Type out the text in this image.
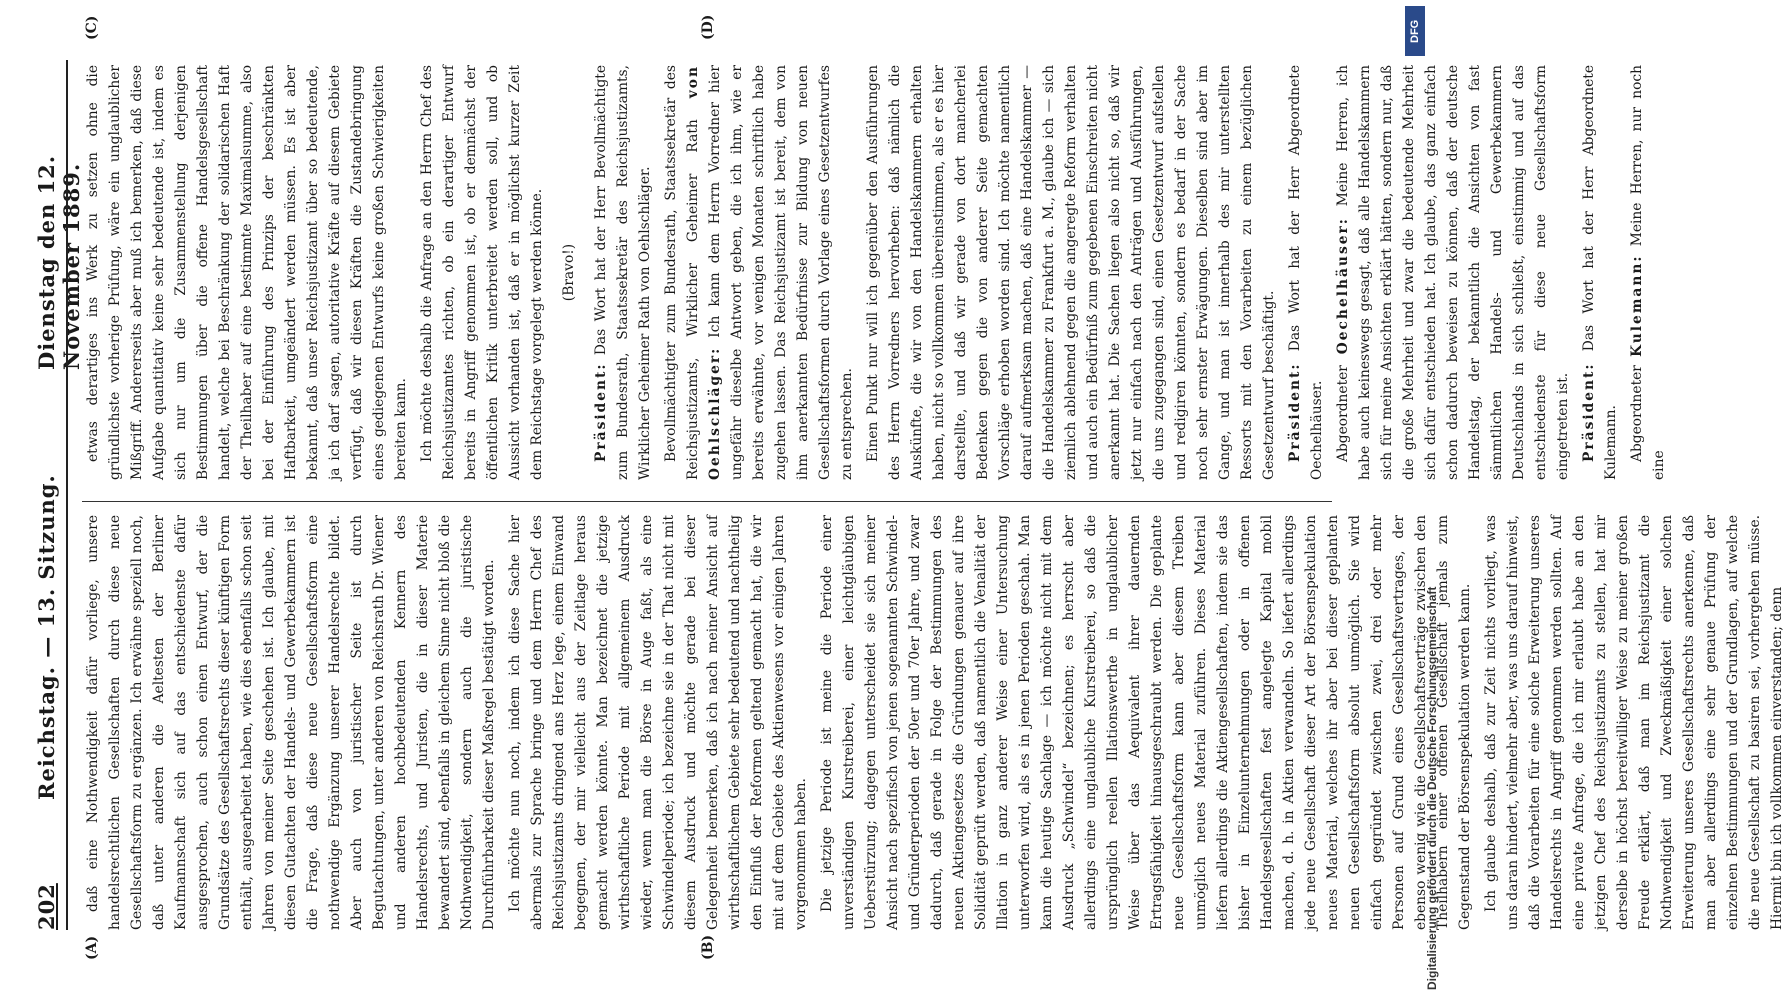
202
Reichstag. — 13. Sitzung.
Dienstag den 12. November 1889.
(A)	(B)
(C)	(D)

daß eine Nothwendigkeit dafür vorliege, unsere handelsrechtlichen Gesellschaften durch diese neue Gesellschaftsform zu ergänzen. Ich erwähne speziell noch, daß unter anderen die Aeltesten der Berliner Kaufmannschaft sich auf das entschiedenste dafür ausgesprochen, auch schon einen Entwurf, der die Grundsätze des Gesellschaftsrechts dieser künftigen Form enthält, ausgearbeitet haben, wie dies ebenfalls schon seit Jahren von meiner Seite geschehen ist. Ich glaube, mit diesen Gutachten der Handels- und Gewerbekammern ist die Frage, daß diese neue Gesellschaftsform eine nothwendige Ergänzung unserer Handelsrechte bildet. Aber auch von juristischer Seite ist durch Begutachtungen, unter anderen von Reichsrath Dr. Wiener und anderen hochbedeutenden Kennern des Handelsrechts, und Juristen, die in dieser Materie bewandert sind, ebenfalls in gleichem Sinne nicht bloß die Nothwendigkeit, sondern auch die juristische Durchführbarkeit dieser Maßregel bestätigt worden. Ich möchte nun noch, indem ich diese Sache hier abermals zur Sprache bringe und dem Herrn Chef des Reichsjustizamts dringend ans Herz lege, einem Einwand begegnen, der mir vielleicht aus der Zeitlage heraus gemacht werden könnte. Man bezeichnet die jetzige wirthschaftliche Periode mit allgemeinem Ausdruck wieder, wenn man die Börse in Auge faßt, als eine Schwindelperiode; ich bezeichne sie in der That nicht mit diesem Ausdruck und möchte gerade bei dieser Gelegenheit bemerken, daß ich nach meiner Ansicht auf wirthschaftlichem Gebiete sehr bedeutend und nachtheilig den Einfluß der Reformen geltend gemacht hat, die wir mit auf dem Gebiete des Aktienwesens vor einigen Jahren vorgenommen haben. Die jetzige Periode ist meine die Periode einer unverständigen Kurstreiberei, einer leichtgläubigen Ueberstürzung; dagegen unterscheidet sie sich meiner Ansicht nach spezifisch von jenen sogenannten Schwindel- und Gründerperioden der 50er und 70er Jahre, und zwar dadurch, daß gerade in Folge der Bestimmungen des neuen Aktiengesetzes die Gründungen genauer auf ihre Solidität geprüft werden, daß namentlich die Venalität der Illation in ganz anderer Weise einer Untersuchung unterworfen wird, als es in jenen Perioden geschah. Man kann die heutige Sachlage — ich möchte nicht mit dem Ausdruck „Schwindel“ bezeichnen; es herrscht aber allerdings eine unglaubliche Kurstreiberei, so daß die ursprünglich reellen Illationswerthe in unglaublicher Weise über das Aequivalent ihrer dauernden Ertragsfähigkeit hinausgeschraubt werden. Die geplante neue Gesellschaftsform kann aber diesem Treiben unmöglich neues Material zuführen. Dieses Material liefern allerdings die Aktiengesellschaften, indem sie das bisher in Einzelunternehmungen oder in offenen Handelsgesellschaften fest angelegte Kapital mobil machen, d. h. in Aktien verwandeln. So liefert allerdings jede neue Gesellschaft dieser Art der Börsenspekulation neues Material, welches ihr aber bei dieser geplanten neuen Gesellschaftsform absolut unmöglich. Sie wird einfach gegründet zwischen zwei, drei oder mehr Personen auf Grund eines Gesellschaftsvertrages, der ebenso wenig wie die Gesellschaftsverträge zwischen den Theilhabern einer offenen Gesellschaft jemals zum Gegenstand der Börsenspekulation werden kann. Ich glaube deshalb, daß zur Zeit nichts vorliegt, was uns daran hindert, vielmehr aber, was uns darauf hinweist, daß die Vorarbeiten für eine solche Erweiterung unseres Handelsrechts in Angriff genommen werden sollten. Auf eine private Anfrage, die ich mir erlaubt habe an den jetzigen Chef des Reichsjustizamts zu stellen, hat mir derselbe in höchst bereitwilliger Weise zu meiner großen Freude erklärt, daß man im Reichsjustizamt die Nothwendigkeit und Zweckmäßigkeit einer solchen Erweiterung unseres Gesellschaftsrechts anerkenne, daß man aber allerdings eine sehr genaue Prüfung der einzelnen Bestimmungen und der Grundlagen, auf welche die neue Gesellschaft zu basiren sei, vorhergehen müsse. Hiermit bin ich vollkommen einverstanden; denn

etwas derartiges ins Werk zu setzen ohne die gründlichste vorherige Prüfung, wäre ein unglaublicher Mißgriff. Andererseits aber muß ich bemerken, daß diese Aufgabe quantitativ keine sehr bedeutende ist, indem es sich nur um die Zusammenstellung derjenigen Bestimmungen über die offene Handelsgesellschaft handelt, welche bei Beschränkung der solidarischen Haft der Theilhaber auf eine bestimmte Maximalsumme, also bei der Einführung des Prinzips der beschränkten Haftbarkeit, umgeändert werden müssen. Es ist aber bekannt, daß unser Reichsjustizamt über so bedeutende, ja ich darf sagen, autoritative Kräfte auf diesem Gebiete verfügt, daß wir diesen Kräften die Zustandebringung eines gediegenen Entwurfs keine großen Schwierigkeiten bereiten kann. Ich möchte deshalb die Anfrage an den Herrn Chef des Reichsjustizamtes richten, ob ein derartiger Entwurf bereits in Angriff genommen ist, ob er demnächst der öffentlichen Kritik unterbreitet werden soll, und ob Aussicht vorhanden ist, daß er in möglichst kurzer Zeit dem Reichstage vorgelegt werden könne. (Bravo!)

Präsident: Das Wort hat der Herr Bevollmächtigte zum Bundesrath, Staatssekretär des Reichsjustizamts, Wirklicher Geheimer Rath von Oehlschläger. Bevollmächtigter zum Bundesrath, Staatssekretär des Reichsjustizamts, Wirklicher Geheimer Rath von Oehlschläger: Ich kann dem Herrn Vorredner hier ungefähr dieselbe Antwort geben, die ich ihm, wie er bereits erwähnte, vor wenigen Monaten schriftlich habe zugehen lassen. Das Reichsjustizamt ist bereit, dem von ihm anerkannten Bedürfnisse zur Bildung von neuen Gesellschaftsformen durch Vorlage eines Gesetzentwurfes zu entsprechen. Einen Punkt nur will ich gegenüber den Ausführungen des Herrn Vorredners hervorheben: daß nämlich die Auskünfte, die wir von den Handelskammern erhalten haben, nicht so vollkommen übereinstimmen, als er es hier darstellte, und daß wir gerade von dort mancherlei Bedenken gegen die von anderer Seite gemachten Vorschläge erhoben worden sind. Ich möchte namentlich darauf aufmerksam machen, daß eine Handelskammer — die Handelskammer zu Frankfurt a. M., glaube ich — sich ziemlich ablehnend gegen die angeregte Reform verhalten und auch ein Bedürfniß zum gegebenen Einschreiten nicht anerkannt hat. Die Sachen liegen also nicht so, daß wir jetzt nur einfach nach den Anträgen und Ausführungen, die uns zugegangen sind, einen Gesetzentwurf aufstellen und redigiren könnten, sondern es bedarf in der Sache noch sehr ernster Erwägungen. Dieselben sind aber im Gange, und man ist innerhalb des mir unterstellten Ressorts mit den Vorarbeiten zu einem bezüglichen Gesetzentwurf beschäftigt. Präsident: Das Wort hat der Herr Abgeordnete Oechelhäuser. Abgeordneter Oechelhäuser: Meine Herren, ich habe auch keineswegs gesagt, daß alle Handelskammern sich für meine Ansichten erklärt hätten, sondern nur, daß die große Mehrheit und zwar die bedeutende Mehrheit sich dafür entschieden hat. Ich glaube, das ganz einfach schon dadurch beweisen zu können, daß der deutsche Handelstag, der bekanntlich die Ansichten von fast sämmtlichen Handels- und Gewerbekammern Deutschlands in sich schließt, einstimmig und auf das entschiedenste für diese neue Gesellschaftsform eingetreten ist. Präsident: Das Wort hat der Herr Abgeordnete Kulemann. Abgeordneter Kulemann: Meine Herren, nur noch eine

DFG
Digitalisierung gefördert durch die Deutsche Forschungsgemeinschaft
